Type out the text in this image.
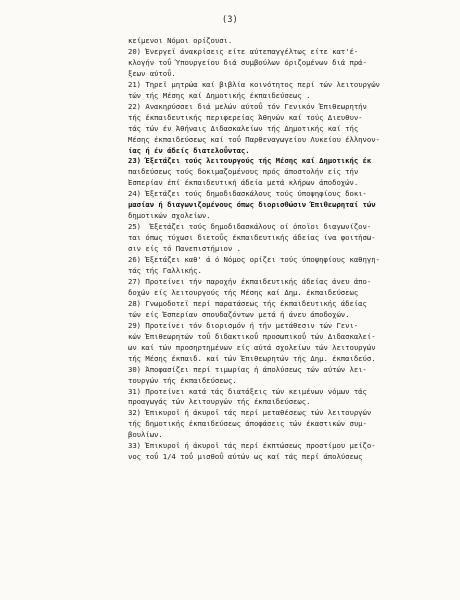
(3)
κείμενοι Νόμοι ορίζουσι.
20) Ένεργεϊ άνακρίσεις είτε αύτεπαγγέλτως είτε κατ'έ-
κλογήν τοΰ Ύπουργείου διά συμβούλων όριζομένων διά πρά-
ξεων αύτοΰ.
21) Τηρεϊ μητρώα καί βιβλία κοινότητος περί τών λειτουργών
τών τής Μέσης καί Δημοτικής έκπαιδεύσεως .
22) Ανακηρύσσει διά μελών αύτοΰ τόν Γενικόν Έπιθεωρητήν
τής έκπαιδευτικής περιφερείας Άθηνών καί τούς Διευθυν-
τάς τών έν Άθήναις Διδασκαλείων τής Δημοτικής καί τής
Μέσης έκπαιδεύσεως καί τοΰ Παρθεναγωγείου Λυκείου έλληνον-
ίας ή έν άδείς διατελοΰντας.
23) Έξετάζει τούς λειτουργούς τής Μέσης καί Δημοτικής έκ
παιδεύσεως τούς δοκιμαζομένους πρός άποστολήν είς τήν
Έσπερίαν έπί έκπαιδευτική άδεία μετά κλήρων άποδοχών.
24) Έξετάζει τούς δημοδιδασκάλους τούς ύποψηφίους δοκι-
μασίαν ή διαγωνιζομένους όπως διορισθώσιν Έπιθεωρηταί τών
δημοτικών σχολείων.
25)  Έξετάζει τούς δημοδιδασκάλους οί όποϊοι διαγωνίζον-
ται όπως τύχωσι διετοΰς έκπαιδευτικής άδείας ίνα φοιτήσω-
σιν είς τό Πανεπιστήμιον .
26) Έξετάζει καθ' ά ό Νόμος ορίζει τούς ύποψηφίους καθηγη-
τάς τής Γαλλικής.
27) Προτείνει τήν παροχήν έκπαιδευτικής άδείας άνευ άπο-
δοχών είς λειτουργούς τής Μέσης καί Δημ. έκπαιδεύσεως
28) Γνωμοδοτεϊ περί παρατάσεως τής έκπαιδευτικής άδείας
τών είς Έσπερίαν σπουδαζόντων μετά ή άνευ άποδοχών.
29) Προτείνει τόν διορισμόν ή τήν μετάθεσιν τών Γενι-
κών Έπιθεωρητών τοΰ διδακτικοΰ προσωπικοΰ τών Διδασκαλεί-
ων καί τών προσηρτημένων είς αύτά σχολείων τών λειτουργών
τής Μέσης έκπαιδ. καί τών Έπιθεωρητών τής Δημ. έκπαιδεύσ.
30) Άποφασίζει περί τιμωρίας ή άπολύσεως τών αύτών λει-
τουργών τής έκπαιδεύσεως.
31) Προτείνει κατά τάς διατάξεις τών κειμένων νόμων τάς
προαγωγάς τών λειτουργών τής έκπαιδεύσεως.
32) Έπικυροϊ ή άκυροϊ τάς περί μεταθέσεως τών λειτουργών
τής δημοτικής έκπαιδεύσεως άποφάσεις τών έκαστικών συμ-
βουλίων.
33) Έπικυροϊ ή άκυροϊ τάς περί έκπτώσεως προστίμου μείζο-
νος τοΰ 1/4 τοΰ μισθοΰ αύτών ως καί τάς περί άπολύσεως
